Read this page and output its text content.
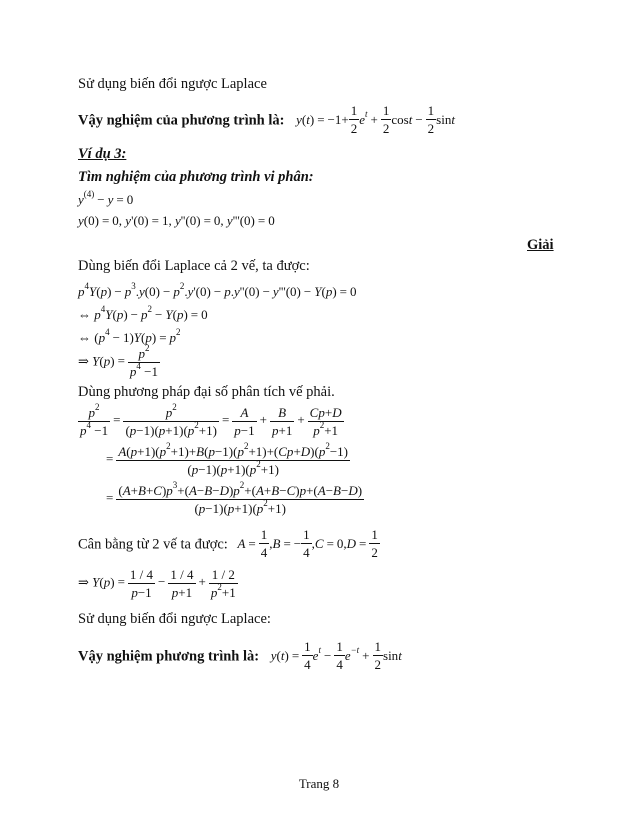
Sử dụng biến đổi ngược Laplace
Vậy nghiệm của phương trình là: $y(t) = -1+ \frac{1}{2} e^t + \frac{1}{2}$ $\cos t - \frac{1}{2}$ sint
Ví dụ 3:
Tìm nghiệm của phương trình vi phân:
$y^{(4)} - y = 0$
y(0) = 0, y'(0) = 1, y''(0) = 0, y'''(0) = 0
Giải
Dùng biến đổi Laplace cả 2 vế, ta được:
$p^4Y(p) - p^3.y(0) - p^2.y'(0) - p.y''(0) - y'''(0) - Y(p) = 0$
⇔ $p^4Y(p) - p^2 - Y(p) = 0$
⇔ $(p^4 - 1)Y(p) = p^2$
⇒ $Y(p) = \frac{p^2}{p^4 -1}$
Dùng phương pháp đại số phân tích vế phải.
$\frac{p^2}{p^4 -1} = \frac{p^2}{(p-1)(p+1)(p^2+1)} = \frac{A}{p-1} + \frac{B}{p+1} + \frac{Cp+D}{p^2+1}$
= $\frac{A(p+1)(p^2+1)+B(p-1)(p^2+1)+(Cp+D)(p^2-1)}{(p-1)(p+1)(p^2+1)}$
= $\frac{(A+B+C)p^3+(A-B-D)p^2+(A+B-C)p+(A-B-D)}{(p-1)(p+1)(p^2+1)}$
Cân bằng từ 2 vế ta được: $A = \frac{1}{4} ,B$ = − $\frac{1}{4} ,C = 0,D = \frac{1}{2}$
⇒ $Y(p) = \frac{1 / 4}{p-1} - \frac{1 / 4}{p+1} + \frac{1 / 2}{p^2+1}$
Sử dụng biến đổi ngược Laplace:
Vậy nghiệm phương trình là: $y(t) = \frac{1}{4} e^t - \frac{1}{4} e^{-t} + \frac{1}{2}$ sint
Trang 8
